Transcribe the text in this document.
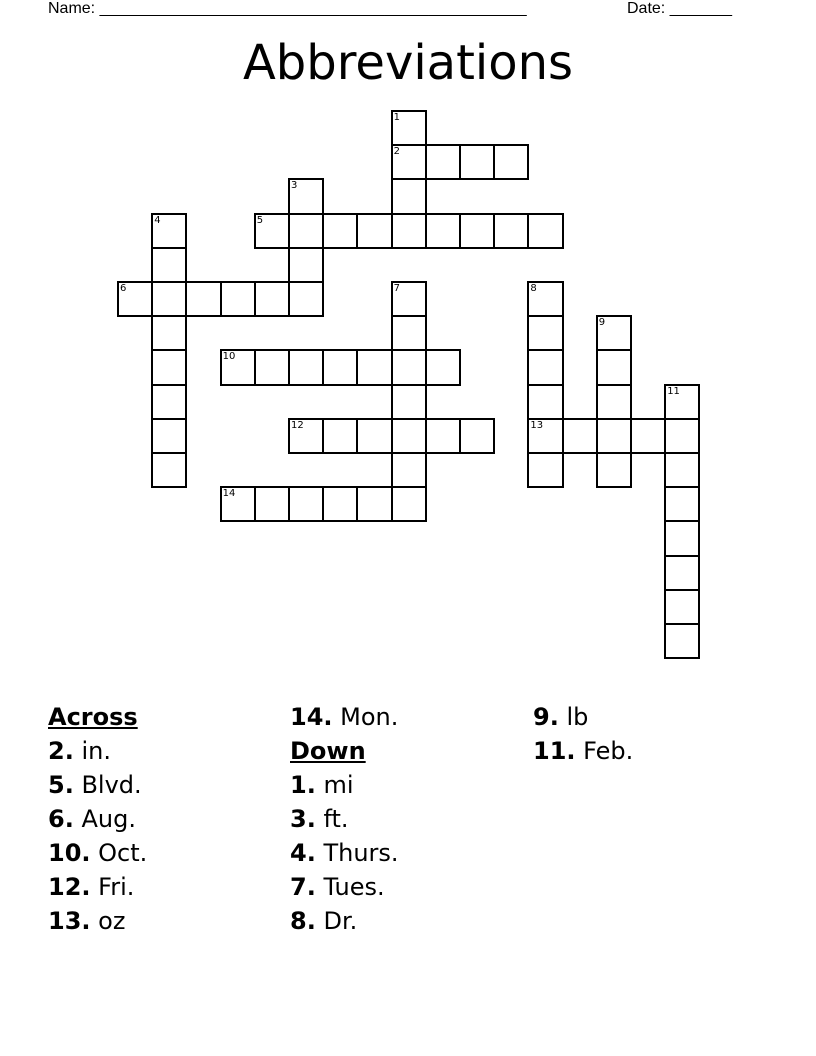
Name: ________________________________________________	Date: _______
Abbreviations
1
2
3
4	5
6	7	8
13
9
10
11
12
14
Across
2. in.
5. Blvd.
6. Aug.
10. Oct.
12. Fri.
13. oz
14. Mon.
Down
1. mi
3. ft.
4. Thurs.
7. Tues.
8. Dr.
9. lb
11. Feb.
